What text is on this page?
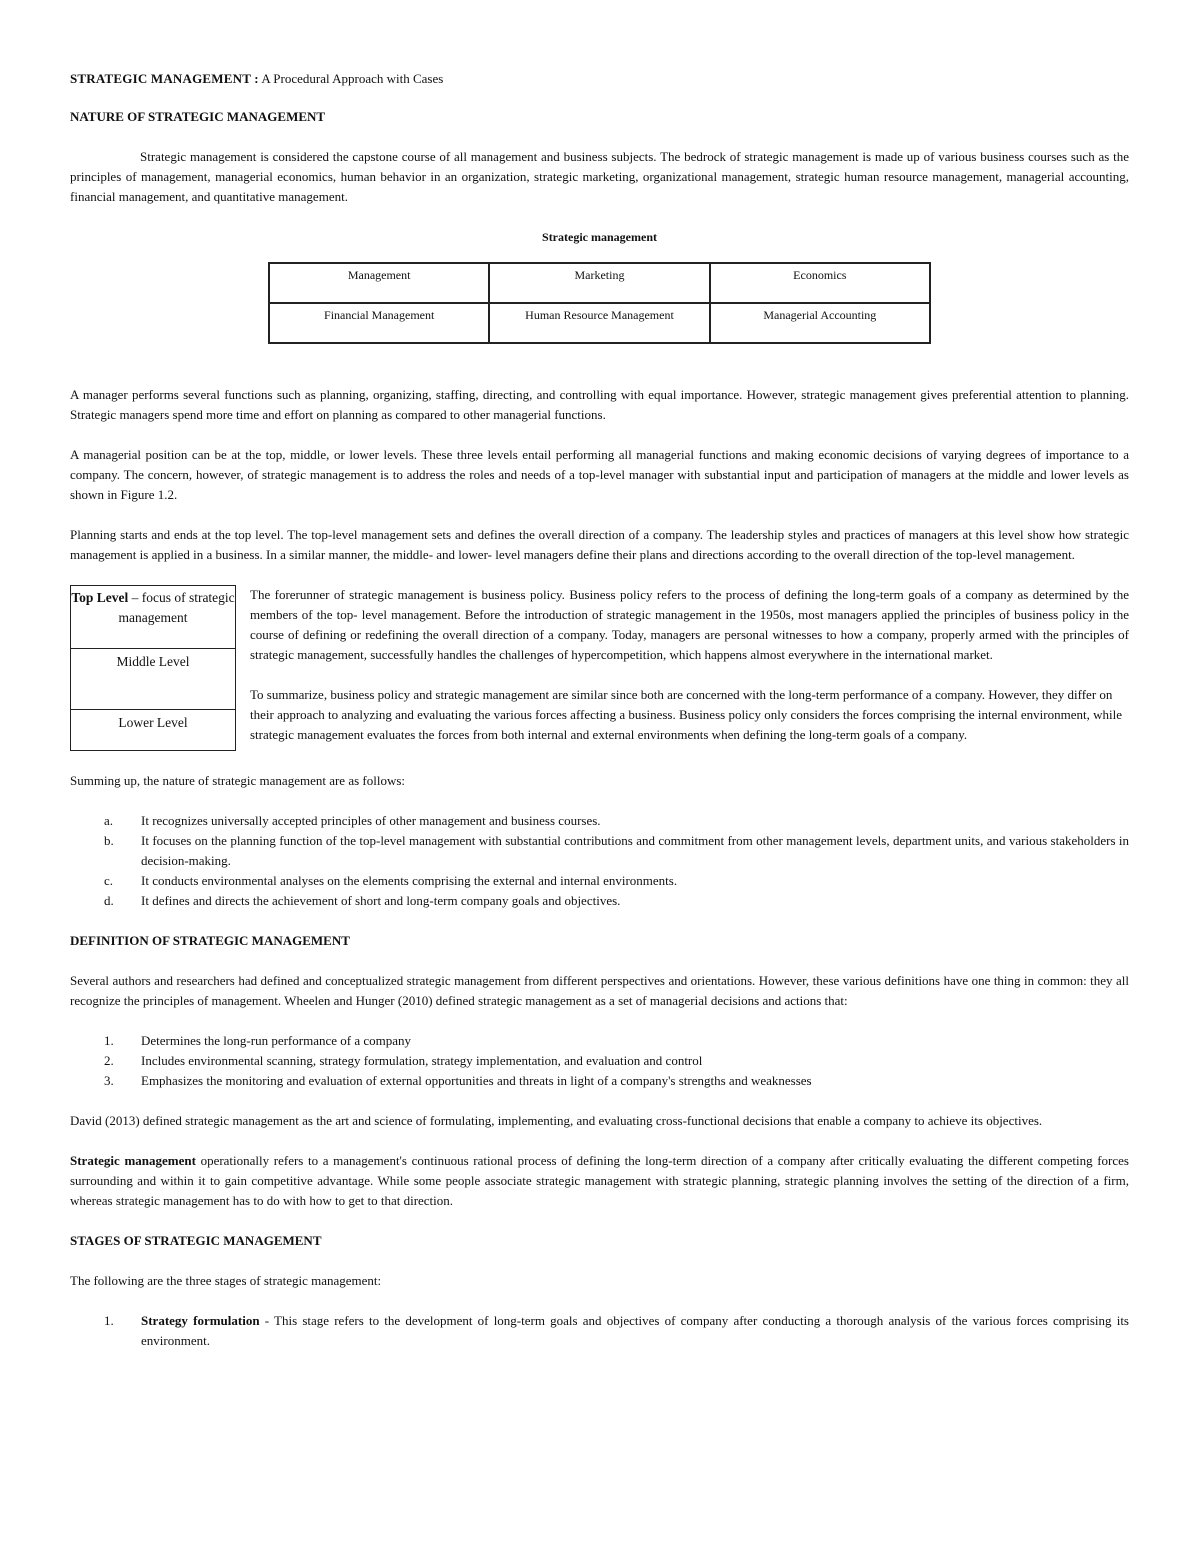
STRATEGIC MANAGEMENT : A Procedural Approach with Cases
NATURE OF STRATEGIC MANAGEMENT

Strategic management is considered the capstone course of all management and business subjects. The bedrock of strategic management is made up of various business courses such as the principles of management, managerial economics, human behavior in an organization, strategic marketing, organizational management, strategic human resource management, managerial accounting, financial management, and quantitative management.

Strategic management
Management	Marketing	Economics
Financial Management	Human Resource Management	Managerial Accounting

A manager performs several functions such as planning, organizing, staffing, directing, and controlling with equal importance. However, strategic management gives preferential attention to planning. Strategic managers spend more time and effort on planning as compared to other managerial functions.

A managerial position can be at the top, middle, or lower levels. These three levels entail performing all managerial functions and making economic decisions of varying degrees of importance to a company. The concern, however, of strategic management is to address the roles and needs of a top-level manager with substantial input and participation of managers at the middle and lower levels as shown in Figure 1.2.

Planning starts and ends at the top level. The top-level management sets and defines the overall direction of a company. The leadership styles and practices of managers at this level show how strategic management is applied in a business. In a similar manner, the middle- and lower- level managers define their plans and directions according to the overall direction of the top-level management.

Top Level – focus of strategic management
Middle Level
Lower Level

The forerunner of strategic management is business policy. Business policy refers to the process of defining the long-term goals of a company as determined by the members of the top- level management. Before the introduction of strategic management in the 1950s, most managers applied the principles of business policy in the course of defining or redefining the overall direction of a company. Today, managers are personal witnesses to how a company, properly armed with the principles of strategic management, successfully handles the challenges of hypercompetition, which happens almost everywhere in the international market.

To summarize, business policy and strategic management are similar since both are concerned with the long-term performance of a company. However, they differ on their approach to analyzing and evaluating the various forces affecting a business. Business policy only considers the forces comprising the internal environment, while strategic management evaluates the forces from both internal and external environments when defining the long-term goals of a company.

Summing up, the nature of strategic management are as follows:

a. It recognizes universally accepted principles of other management and business courses.
b. It focuses on the planning function of the top-level management with substantial contributions and commitment from other management levels, department units, and various stakeholders in decision-making.
c. It conducts environmental analyses on the elements comprising the external and internal environments.
d. It defines and directs the achievement of short and long-term company goals and objectives.
DEFINITION OF STRATEGIC MANAGEMENT

Several authors and researchers had defined and conceptualized strategic management from different perspectives and orientations. However, these various definitions have one thing in common: they all recognize the principles of management. Wheelen and Hunger (2010) defined strategic management as a set of managerial decisions and actions that:

1. Determines the long-run performance of a company
2. Includes environmental scanning, strategy formulation, strategy implementation, and evaluation and control
3. Emphasizes the monitoring and evaluation of external opportunities and threats in light of a company's strengths and weaknesses

David (2013) defined strategic management as the art and science of formulating, implementing, and evaluating cross-functional decisions that enable a company to achieve its objectives.

Strategic management operationally refers to a management's continuous rational process of defining the long-term direction of a company after critically evaluating the different competing forces surrounding and within it to gain competitive advantage. While some people associate strategic management with strategic planning, strategic planning involves the setting of the direction of a firm, whereas strategic management has to do with how to get to that direction.

STAGES OF STRATEGIC MANAGEMENT

The following are the three stages of strategic management:

1. Strategy formulation - This stage refers to the development of long-term goals and objectives of company after conducting a thorough analysis of the various forces comprising its environment.
